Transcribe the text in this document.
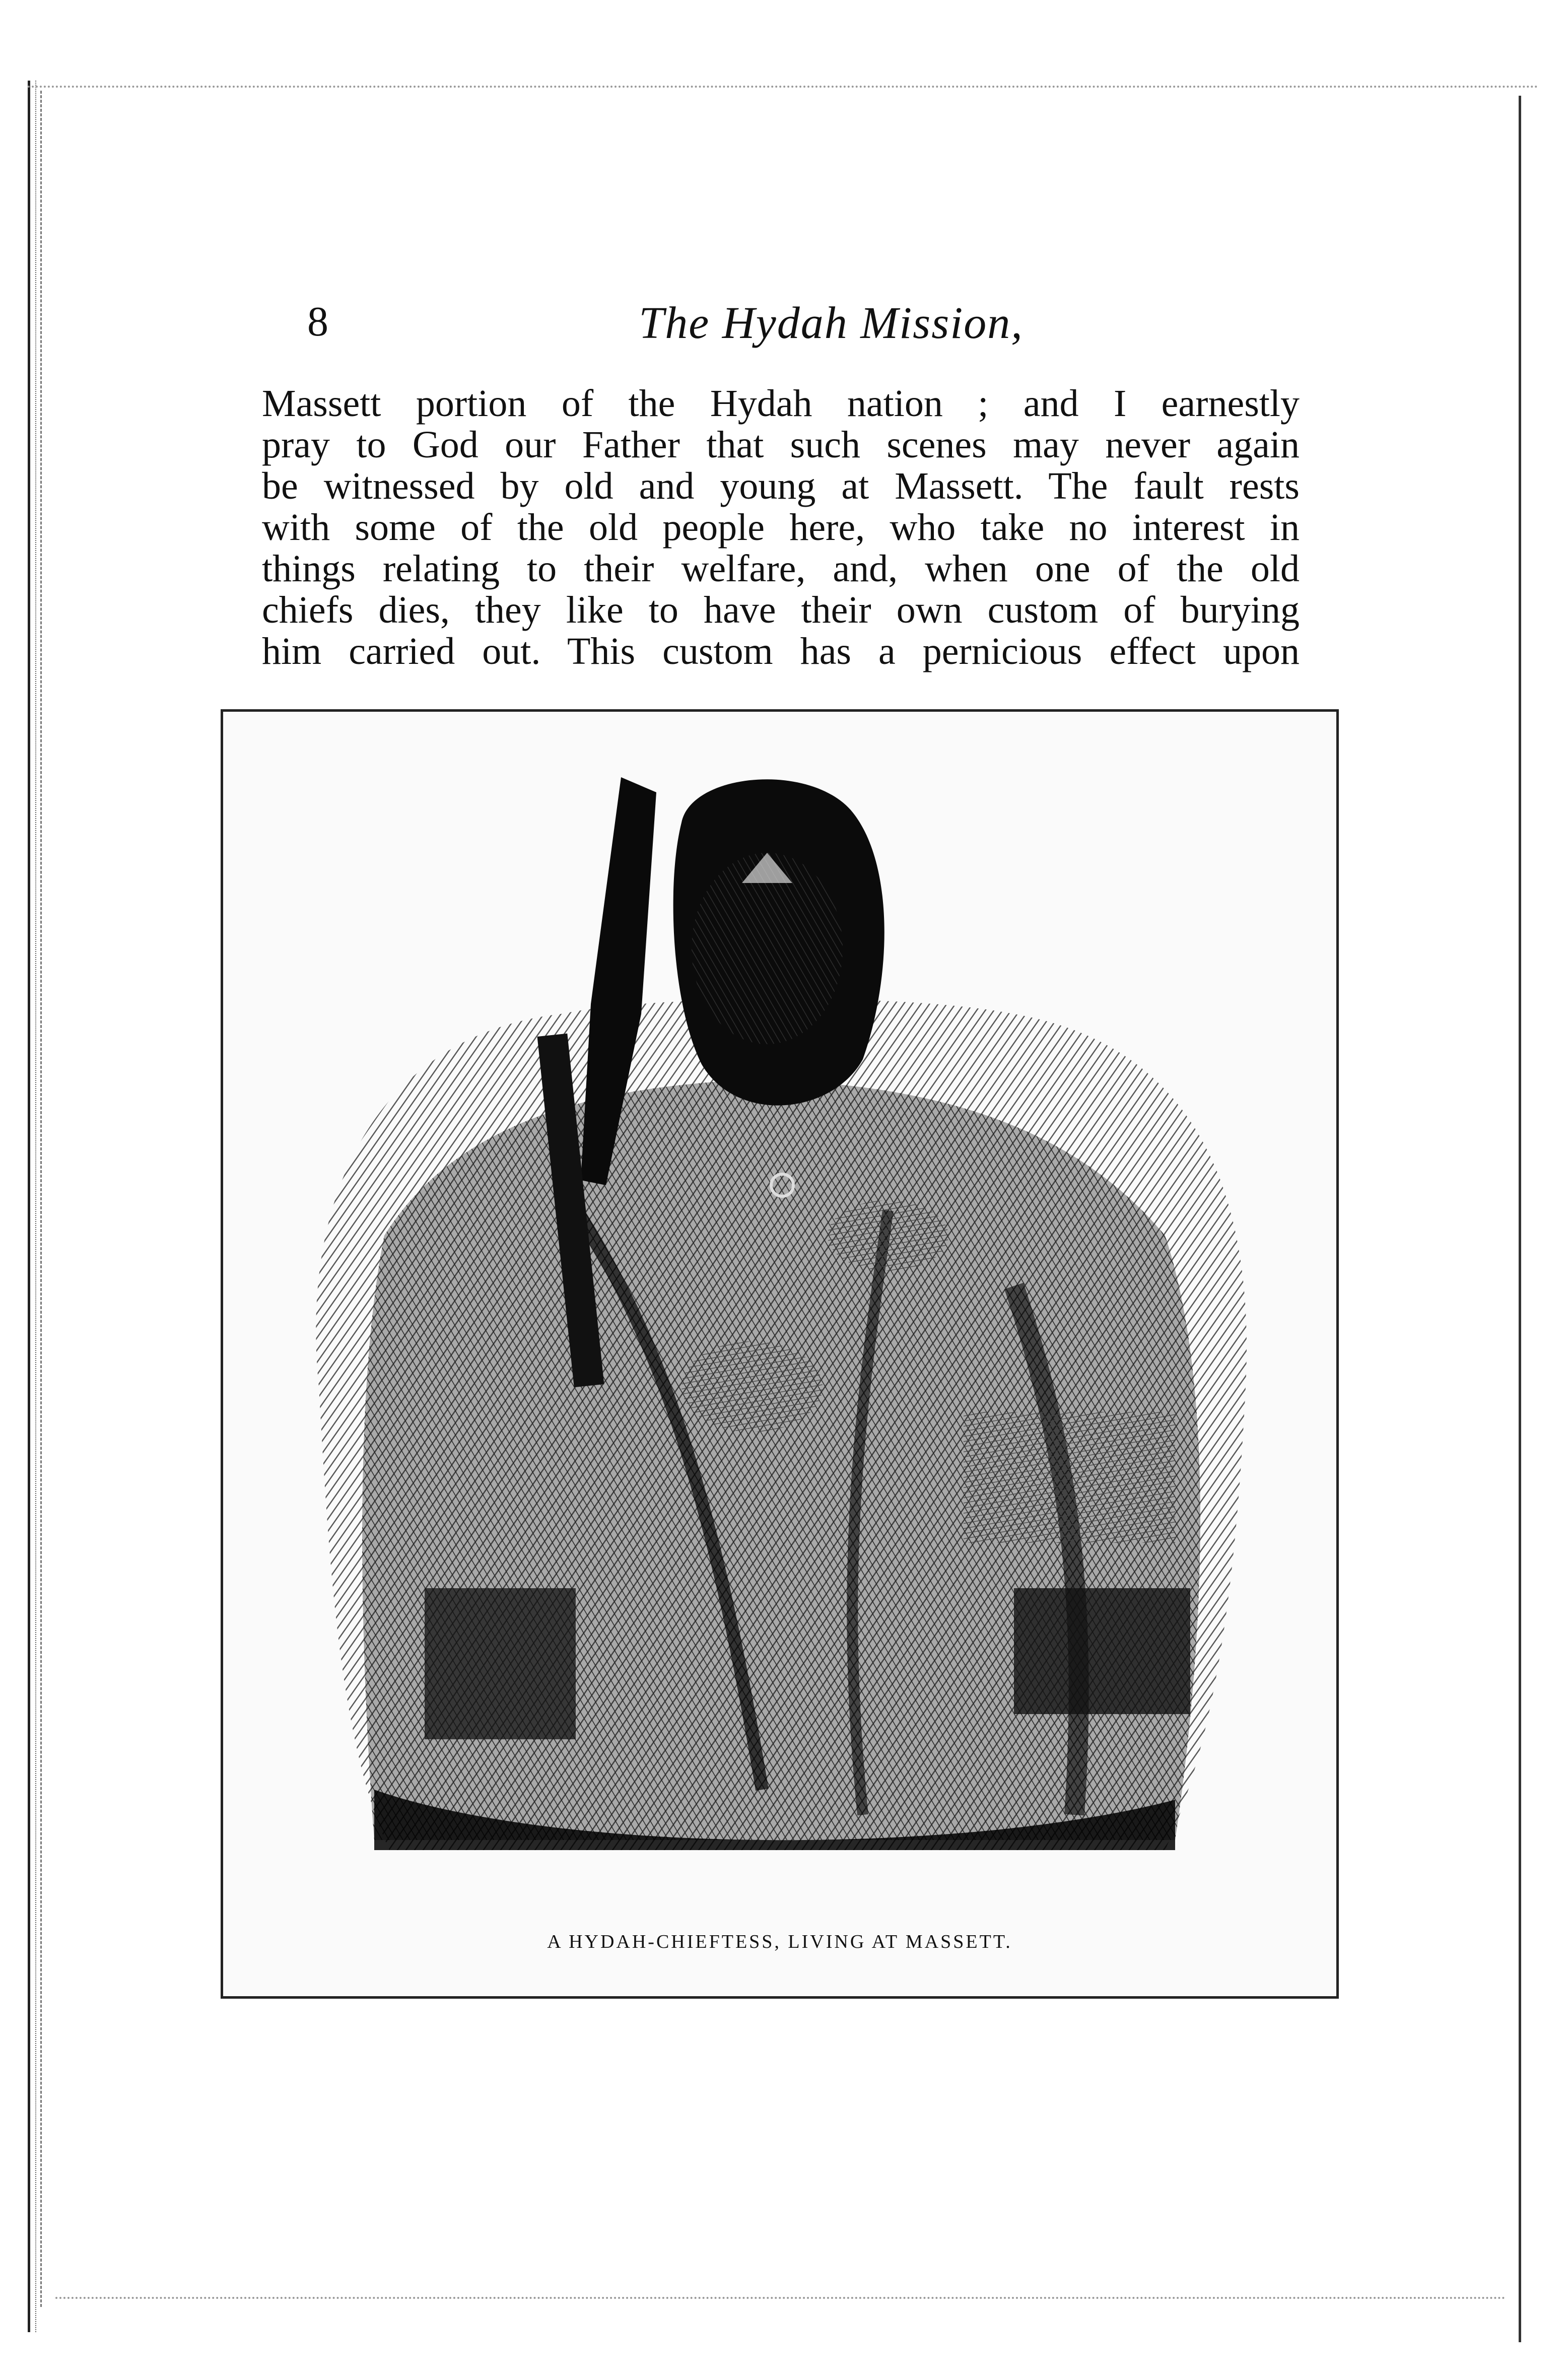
8	The Hydah Mission,
Massett portion of the Hydah nation ; and I earnestly
pray to God our Father that such scenes may never again
be witnessed by old and young at Massett. The fault rests
with some of the old people here, who take no interest in
things relating to their welfare, and, when one of the old
chiefs dies, they like to have their own custom of burying
him carried out. This custom has a pernicious effect upon
A HYDAH-CHIEFTESS, LIVING AT MASSETT.
